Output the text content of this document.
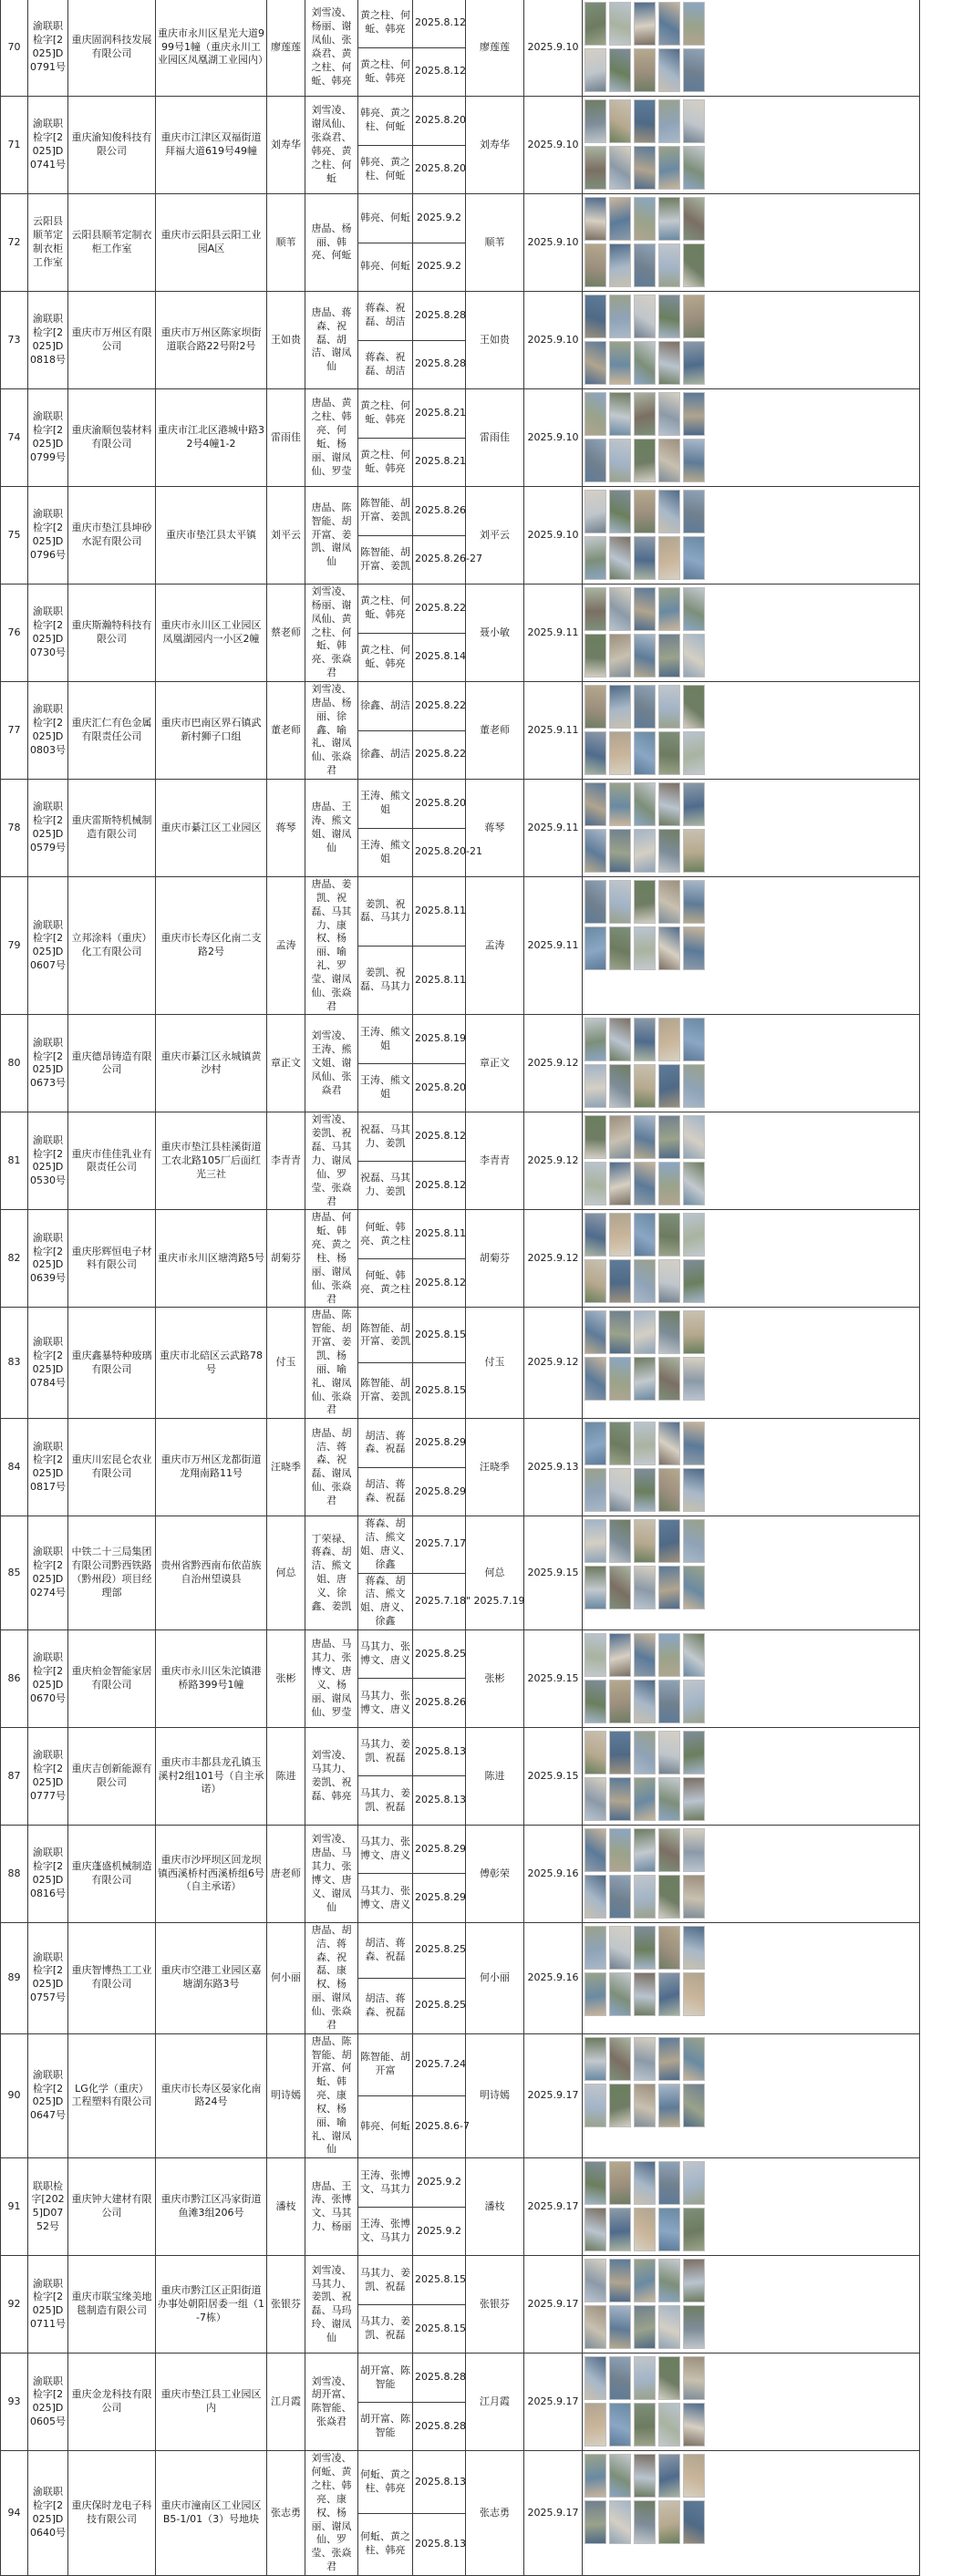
70	渝联职检字[2025]D0791号	重庆固润科技发展有限公司	重庆市永川区星光大道999号1幢（重庆永川工业园区凤凰湖工业园内）	廖莲莲	刘雪凌、杨丽、谢凤仙、张焱君、黄之柱、何蚯、韩亮	黄之柱、何蚯、韩亮	2025.8.12	廖莲莲	2025.9.10	

						黄之柱、何蚯、韩亮	2025.8.12			
71	渝联职检字[2025]D0741号	重庆渝知俊科技有限公司	重庆市江津区双福街道拜福大道619号49幢	刘寿华	刘雪凌、谢凤仙、张焱君、韩亮、黄之柱、何蚯	韩亮、黄之柱、何蚯	2025.8.20	刘寿华	2025.9.10	

						韩亮、黄之柱、何蚯	2025.8.20			
72	云阳县顺苇定制衣柜工作室	云阳县顺苇定制衣柜工作室	重庆市云阳县云阳工业园A区	顺苇	唐晶、杨丽、韩亮、何蚯	韩亮、何蚯	2025.9.2	顺苇	2025.9.10	

						韩亮、何蚯	2025.9.2			
73	渝联职检字[2025]D0818号	重庆市万州区有限公司	重庆市万州区陈家坝街道联合路22号附2号	王如贵	唐晶、蒋森、祝磊、胡洁、谢凤仙	蒋森、祝磊、胡洁	2025.8.28	王如贵	2025.9.10	

						蒋森、祝磊、胡洁	2025.8.28			
74	渝联职检字[2025]D0799号	重庆渝顺包装材料有限公司	重庆市江北区港城中路32号4幢1-2	雷雨佳	唐晶、黄之柱、韩亮、何蚯、杨丽、谢凤仙、罗莹	黄之柱、何蚯、韩亮	2025.8.21	雷雨佳	2025.9.10	

						黄之柱、何蚯、韩亮	2025.8.21			
75	渝联职检字[2025]D0796号	重庆市垫江县坤砂水泥有限公司	重庆市垫江县太平镇	刘平云	唐晶、陈智能、胡开富、姜凯、谢凤仙	陈智能、胡开富、姜凯	2025.8.26	刘平云	2025.9.10	

						陈智能、胡开富、姜凯	2025.8.26-27			
76	渝联职检字[2025]D0730号	重庆斯瀚特科技有限公司	重庆市永川区工业园区凤凰湖园内一小区2幢	蔡老师	刘雪凌、杨丽、谢凤仙、黄之柱、何蚯、韩亮、张焱君	黄之柱、何蚯、韩亮	2025.8.22	聂小敏	2025.9.11	

						黄之柱、何蚯、韩亮	2025.8.14			
77	渝联职检字[2025]D0803号	重庆汇仁有色金属有限责任公司	重庆市巴南区界石镇武新村狮子口组	董老师	刘雪凌、唐晶、杨丽、徐鑫、喻礼、谢凤仙、张焱君	徐鑫、胡洁	2025.8.22	董老师	2025.9.11	

						徐鑫、胡洁	2025.8.22			
78	渝联职检字[2025]D0579号	重庆雷斯特机械制造有限公司	重庆市綦江区工业园区	蒋琴	唐晶、王涛、熊文姐、谢凤仙	王涛、熊文姐	2025.8.20	蒋琴	2025.9.11	

						王涛、熊文姐	2025.8.20-21			
79	渝联职检字[2025]D0607号	立邦涂料（重庆）化工有限公司	重庆市长寿区化南二支路2号	孟涛	唐晶、姜凯、祝磊、马其力、康权、杨丽、喻礼、罗莹、谢凤仙、张焱君	姜凯、祝磊、马其力	2025.8.11	孟涛	2025.9.11	

						姜凯、祝磊、马其力	2025.8.11			
80	渝联职检字[2025]D0673号	重庆德昂铸造有限公司	重庆市綦江区永城镇黄沙村	章正文	刘雪凌、王涛、熊文姐、谢凤仙、张焱君	王涛、熊文姐	2025.8.19	章正文	2025.9.12	

						王涛、熊文姐	2025.8.20			
81	渝联职检字[2025]D0530号	重庆市佳佳乳业有限责任公司	重庆市垫江县桂溪街道工农北路105厂后面红光三社	李青青	刘雪凌、姜凯、祝磊、马其力、谢凤仙、罗莹、张焱君	祝磊、马其力、姜凯	2025.8.12	李青青	2025.9.12	

						祝磊、马其力、姜凯	2025.8.12			
82	渝联职检字[2025]D0639号	重庆彤辉恒电子材料有限公司	重庆市永川区塘湾路5号	胡菊芬	唐晶、何蚯、韩亮、黄之柱、杨丽、谢凤仙、张焱君	何蚯、韩亮、黄之柱	2025.8.11	胡菊芬	2025.9.12	

						何蚯、韩亮、黄之柱	2025.8.12			
83	渝联职检字[2025]D0784号	重庆鑫暴特种玻璃有限公司	重庆市北碚区云武路78号	付玉	唐晶、陈智能、胡开富、姜凯、杨丽、喻礼、谢凤仙、张焱君	陈智能、胡开富、姜凯	2025.8.15	付玉	2025.9.12	

						陈智能、胡开富、姜凯	2025.8.15			
84	渝联职检字[2025]D0817号	重庆川宏昆仑农业有限公司	重庆市万州区龙都街道龙翔南路11号	汪晓季	唐晶、胡洁、蒋森、祝磊、谢凤仙、张焱君	胡洁、蒋森、祝磊	2025.8.29	汪晓季	2025.9.13	

						胡洁、蒋森、祝磊	2025.8.29			
85	渝联职检字[2025]D0274号	中铁二十三局集团有限公司黔西铁路（黔州段）项目经理部	贵州省黔西南布依苗族自治州望谟县	何总	丁荣禄、蒋森、胡洁、熊文姐、唐义、徐鑫、姜凯	蒋森、胡洁、熊文姐、唐义、徐鑫	2025.7.17	何总	2025.9.15	

						蒋森、胡洁、熊文姐、唐义、徐鑫	2025.7.18" 2025.7.19			
86	渝联职检字[2025]D0670号	重庆柏金智能家居有限公司	重庆市永川区朱沱镇港桥路399号1幢	张彬	唐晶、马其力、张博文、唐义、杨丽、谢凤仙、罗莹	马其力、张博文、唐义	2025.8.25	张彬	2025.9.15	

						马其力、张博文、唐义	2025.8.26			
87	渝联职检字[2025]D0777号	重庆吉创新能源有限公司	重庆市丰都县龙孔镇玉溪村2组101号（自主承诺）	陈进	刘雪凌、马其力、姜凯、祝磊、韩亮	马其力、姜凯、祝磊	2025.8.13	陈进	2025.9.15	

						马其力、姜凯、祝磊	2025.8.13			
88	渝联职检字[2025]D0816号	重庆蓬盛机械制造有限公司	重庆市沙坪坝区回龙坝镇西溪桥村西溪桥组6号（自主承诺）	唐老师	刘雪凌、唐晶、马其力、张博文、唐义、谢凤仙	马其力、张博文、唐义	2025.8.29	傅彰荣	2025.9.16	

						马其力、张博文、唐义	2025.8.29			
89	渝联职检字[2025]D0757号	重庆智博热工工业有限公司	重庆市空港工业园区嘉塘湖东路3号	何小丽	唐晶、胡洁、蒋森、祝磊、康权、杨丽、谢凤仙、张焱君	胡洁、蒋森、祝磊	2025.8.25	何小丽	2025.9.16	

						胡洁、蒋森、祝磊	2025.8.25			
90	渝联职检字[2025]D0647号	LG化学（重庆）工程塑料有限公司	重庆市长寿区晏家化南路24号	明诗嫣	唐晶、陈智能、胡开富、何蚯、韩亮、康权、杨丽、喻礼、谢凤仙	陈智能、胡开富	2025.7.24	明诗嫣	2025.9.17	

						韩亮、何蚯	2025.8.6-7			
91	联职检字[2025]D0752号	重庆钟大建材有限公司	重庆市黔江区冯家街道鱼滩3组206号	潘枝	唐晶、王涛、张博文、马其力、杨丽	王涛、张博文、马其力	2025.9.2	潘枝	2025.9.17	

						王涛、张博文、马其力	2025.9.2			
92	渝联职检字[2025]D0711号	重庆市联宝缘美地毯制造有限公司	重庆市黔江区正阳街道办事处朝阳居委一组（1-7栋）	张银芬	刘雪凌、马其力、姜凯、祝磊、马玛玲、谢凤仙	马其力、姜凯、祝磊	2025.8.15	张银芬	2025.9.17	

						马其力、姜凯、祝磊	2025.8.15			
93	渝联职检字[2025]D0605号	重庆金龙科技有限公司	重庆市垫江县工业园区内	江月霞	刘雪凌、胡开富、陈智能、张焱君	胡开富、陈智能	2025.8.28	江月霞	2025.9.17	

						胡开富、陈智能	2025.8.28			
94	渝联职检字[2025]D0640号	重庆保时龙电子科技有限公司	重庆市潼南区工业园区B5-1/01（3）号地块	张志勇	刘雪凌、何蚯、黄之柱、韩亮、康权、杨丽、谢凤仙、罗莹、张焱君	何蚯、黄之柱、韩亮	2025.8.13	张志勇	2025.9.17	

						何蚯、黄之柱、韩亮	2025.8.13			
